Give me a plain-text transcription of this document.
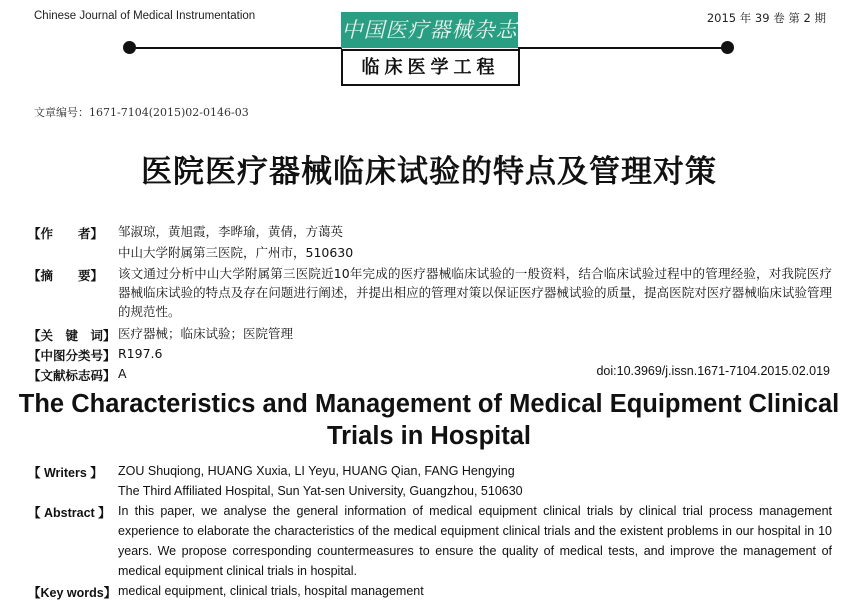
Chinese Journal of Medical Instrumentation	2015 年 39 卷 第 2 期
中国医疗器械杂志
临床医学工程
文章编号：1671-7104(2015)02-0146-03
医院医疗器械临床试验的特点及管理对策
【作　　者】 邹淑琼，黄旭霞，李晔瑜，黄倩，方蔼英
中山大学附属第三医院，广州市，510630
【摘　　要】 该文通过分析中山大学附属第三医院近10年完成的医疗器械临床试验的一般资料，结合临床试验过程中的管理经验，对我院医疗器械临床试验的特点及存在问题进行阐述，并提出相应的管理对策以保证医疗器械试验的质量，提高医院对医疗器械临床试验管理的规范性。
【关　键　词】 医疗器械；临床试验；医院管理
【中图分类号】 R197.6
【文献标志码】 A	doi:10.3969/j.issn.1671-7104.2015.02.019
The Characteristics and Management of Medical Equipment Clinical Trials in Hospital
【 Writers 】 ZOU Shuqiong, HUANG Xuxia, LI Yeyu, HUANG Qian, FANG Hengying
The Third Affiliated Hospital, Sun Yat-sen University, Guangzhou, 510630
【 Abstract 】 In this paper, we analyse the general information of medical equipment clinical trials by clinical trial process management experience to elaborate the characteristics of the medical equipment clinical trials and the existent problems in our hospital in 10 years. We propose corresponding countermeasures to ensure the quality of medical tests, and improve the management of medical equipment clinical trials in hospital.
【Key words】 medical equipment, clinical trials, hospital management
